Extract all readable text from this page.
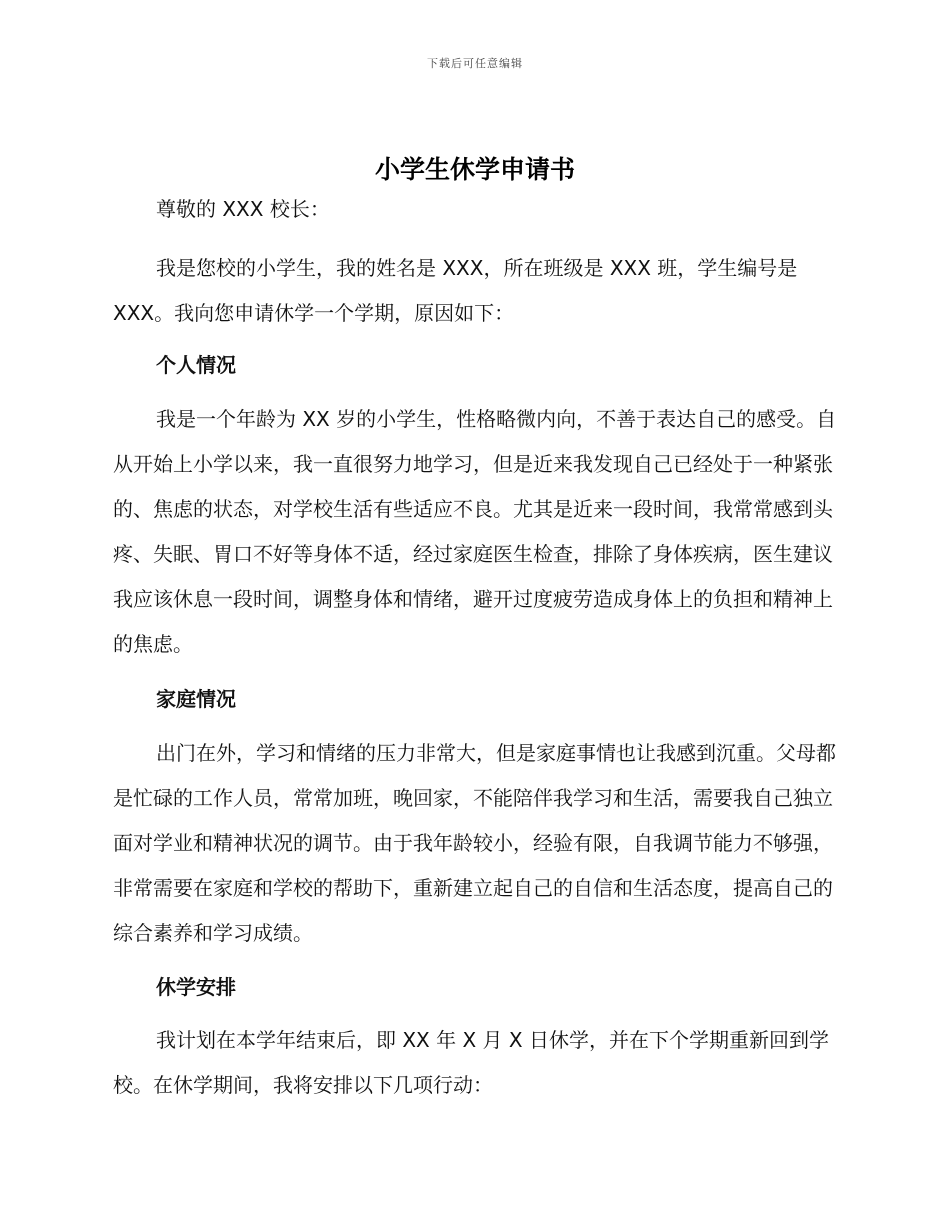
下载后可任意编辑
小学生休学申请书

尊敬的 XXX 校长：

我是您校的小学生，我的姓名是 XXX，所在班级是 XXX 班，学生编号是 XXX。我向您申请休学一个学期，原因如下：

个人情况

我是一个年龄为 XX 岁的小学生，性格略微内向，不善于表达自己的感受。自从开始上小学以来，我一直很努力地学习，但是近来我发现自己已经处于一种紧张的、焦虑的状态，对学校生活有些适应不良。尤其是近来一段时间，我常常感到头疼、失眠、胃口不好等身体不适，经过家庭医生检查，排除了身体疾病，医生建议我应该休息一段时间，调整身体和情绪，避开过度疲劳造成身体上的负担和精神上的焦虑。

家庭情况

出门在外，学习和情绪的压力非常大，但是家庭事情也让我感到沉重。父母都是忙碌的工作人员，常常加班，晚回家，不能陪伴我学习和生活，需要我自己独立面对学业和精神状况的调节。由于我年龄较小，经验有限，自我调节能力不够强，非常需要在家庭和学校的帮助下，重新建立起自己的自信和生活态度，提高自己的综合素养和学习成绩。

休学安排

我计划在本学年结束后，即 XX 年 X 月 X 日休学，并在下个学期重新回到学校。在休学期间，我将安排以下几项行动：
